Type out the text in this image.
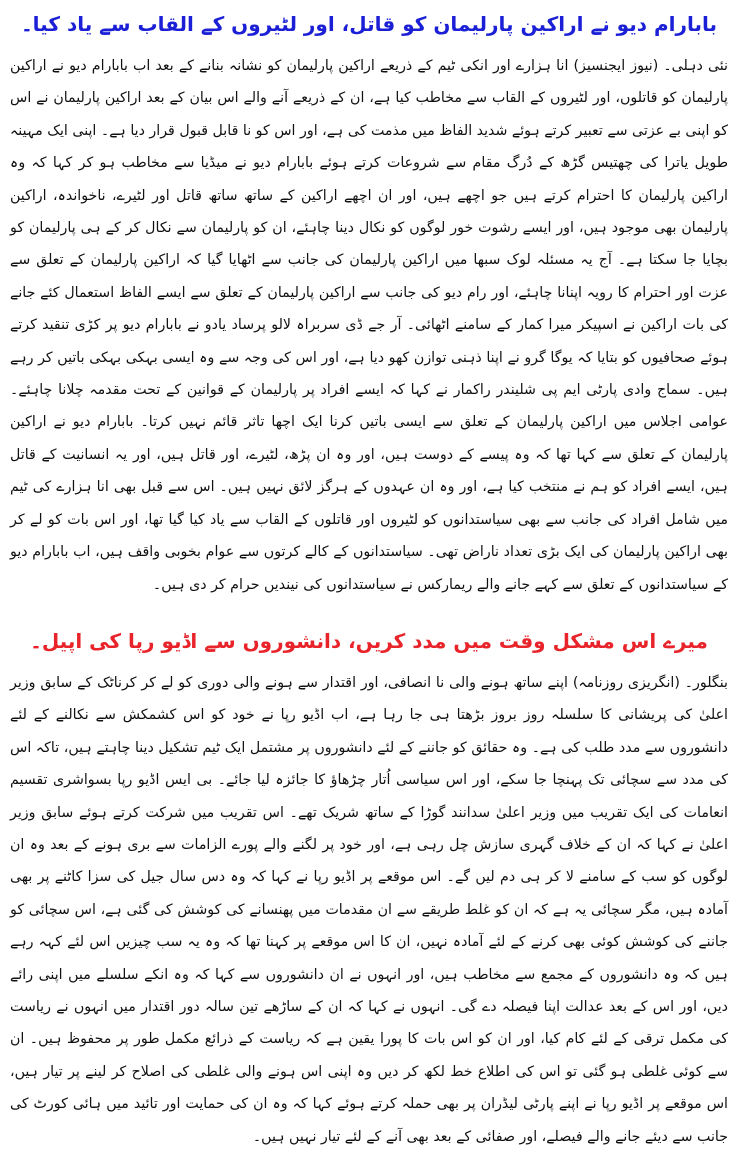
بابارام دیو نے اراکین پارلیمان کو قاتل، اور لٹیروں کے القاب سے یاد کیا۔

نئی دہلی۔ (نیوز ایجنسیز) انا ہزارے اور انکی ٹیم کے ذریعے اراکین پارلیمان کو نشانہ بنانے کے بعد اب بابارام دیو نے اراکین پارلیمان کو قاتلوں، اور لٹیروں کے القاب سے مخاطب کیا ہے، ان کے ذریعے آنے والے اس بیان کے بعد اراکین پارلیمان نے اس کو اپنی بے عزتی سے تعبیر کرتے ہوئے شدید الفاظ میں مذمت کی ہے، اور اس کو نا قابل قبول قرار دیا ہے۔ اپنی ایک مہینہ طویل یاترا کی چھتیس گڑھ کے دُرگ مقام سے شروعات کرتے ہوئے بابارام دیو نے میڈیا سے مخاطب ہو کر کہا کہ وہ اراکین پارلیمان کا احترام کرتے ہیں جو اچھے ہیں، اور ان اچھے اراکین کے ساتھ ساتھ قاتل اور لٹیرے، ناخواندہ، اراکین پارلیمان بھی موجود ہیں، اور ایسے رشوت خور لوگوں کو نکال دینا چاہئے، ان کو پارلیمان سے نکال کر کے ہی پارلیمان کو بچایا جا سکتا ہے۔ آج یہ مسئلہ لوک سبھا میں اراکین پارلیمان کی جانب سے اٹھایا گیا کہ اراکین پارلیمان کے تعلق سے عزت اور احترام کا رویہ اپنانا چاہئے، اور رام دیو کی جانب سے اراکین پارلیمان کے تعلق سے ایسے الفاظ استعمال کئے جانے کی بات اراکین نے اسپیکر میرا کمار کے سامنے اٹھائی۔ آر جے ڈی سربراہ لالو پرساد یادو نے بابارام دیو پر کڑی تنقید کرتے ہوئے صحافیوں کو بتایا کہ یوگا گرو نے اپنا ذہنی توازن کھو دیا ہے، اور اس کی وجہ سے وہ ایسی بہکی بہکی باتیں کر رہے ہیں۔ سماج وادی پارٹی ایم پی شلیندر راکمار نے کہا کہ ایسے افراد پر پارلیمان کے قوانین کے تحت مقدمہ چلانا چاہئے۔ عوامی اجلاس میں اراکین پارلیمان کے تعلق سے ایسی باتیں کرنا ایک اچھا تاثر قائم نہیں کرتا۔ بابارام دیو نے اراکین پارلیمان کے تعلق سے کہا تھا کہ وہ پیسے کے دوست ہیں، اور وہ ان پڑھ، لٹیرے، اور قاتل ہیں، اور یہ انسانیت کے قاتل ہیں، ایسے افراد کو ہم نے منتخب کیا ہے، اور وہ ان عہدوں کے ہرگز لائق نہیں ہیں۔ اس سے قبل بھی انا ہزارے کی ٹیم میں شامل افراد کی جانب سے بھی سیاستدانوں کو لٹیروں اور قاتلوں کے القاب سے یاد کیا گیا تھا، اور اس بات کو لے کر بھی اراکین پارلیمان کی ایک بڑی تعداد ناراض تھی۔ سیاستدانوں کے کالے کرتوں سے عوام بخوبی واقف ہیں، اب بابارام دیو کے سیاستدانوں کے تعلق سے کہے جانے والے ریمارکس نے سیاستدانوں کی نیندیں حرام کر دی ہیں۔

میرے اس مشکل وقت میں مدد کریں، دانشوروں سے اڈیو رپا کی اپیل۔

بنگلور۔ (انگریزی روزنامہ) اپنے ساتھ ہونے والی نا انصافی، اور اقتدار سے ہونے والی دوری کو لے کر کرناٹک کے سابق وزیر اعلیٰ کی پریشانی کا سلسلہ روز بروز بڑھتا ہی جا رہا ہے، اب اڈیو رپا نے خود کو اس کشمکش سے نکالنے کے لئے دانشوروں سے مدد طلب کی ہے۔ وہ حقائق کو جاننے کے لئے دانشوروں پر مشتمل ایک ٹیم تشکیل دینا چاہتے ہیں، تاکہ اس کی مدد سے سچائی تک پہنچا جا سکے، اور اس سیاسی اُتار چڑھاؤ کا جائزہ لیا جائے۔ بی ایس اڈیو رپا بسواشری تقسیم انعامات کی ایک تقریب میں وزیر اعلیٰ سدانند گوڑا کے ساتھ شریک تھے۔ اس تقریب میں شرکت کرتے ہوئے سابق وزیر اعلیٰ نے کہا کہ ان کے خلاف گہری سازش چل رہی ہے، اور خود پر لگنے والے پورے الزامات سے بری ہونے کے بعد وہ ان لوگوں کو سب کے سامنے لا کر ہی دم لیں گے۔ اس موقعے پر اڈیو رپا نے کہا کہ وہ دس سال جیل کی سزا کاٹنے پر بھی آمادہ ہیں، مگر سچائی یہ ہے کہ ان کو غلط طریقے سے ان مقدمات میں پھنسانے کی کوشش کی گئی ہے، اس سچائی کو جاننے کی کوشش کوئی بھی کرنے کے لئے آمادہ نہیں، ان کا اس موقعے پر کہنا تھا کہ وہ یہ سب چیزیں اس لئے کہہ رہے ہیں کہ وہ دانشوروں کے مجمع سے مخاطب ہیں، اور انہوں نے ان دانشوروں سے کہا کہ وہ انکے سلسلے میں اپنی رائے دیں، اور اس کے بعد عدالت اپنا فیصلہ دے گی۔ انہوں نے کہا کہ ان کے ساڑھے تین سالہ دور اقتدار میں انہوں نے ریاست کی مکمل ترقی کے لئے کام کیا، اور ان کو اس بات کا پورا یقین ہے کہ ریاست کے ذرائع مکمل طور پر محفوظ ہیں۔ ان سے کوئی غلطی ہو گئی تو اس کی اطلاع خط لکھ کر دیں وہ اپنی اس ہونے والی غلطی کی اصلاح کر لینے پر تیار ہیں، اس موقعے پر اڈیو رپا نے اپنے پارٹی لیڈران پر بھی حملہ کرتے ہوئے کہا کہ وہ ان کی حمایت اور تائید میں ہائی کورٹ کی جانب سے دیئے جانے والے فیصلے، اور صفائی کے بعد بھی آنے کے لئے تیار نہیں ہیں۔
